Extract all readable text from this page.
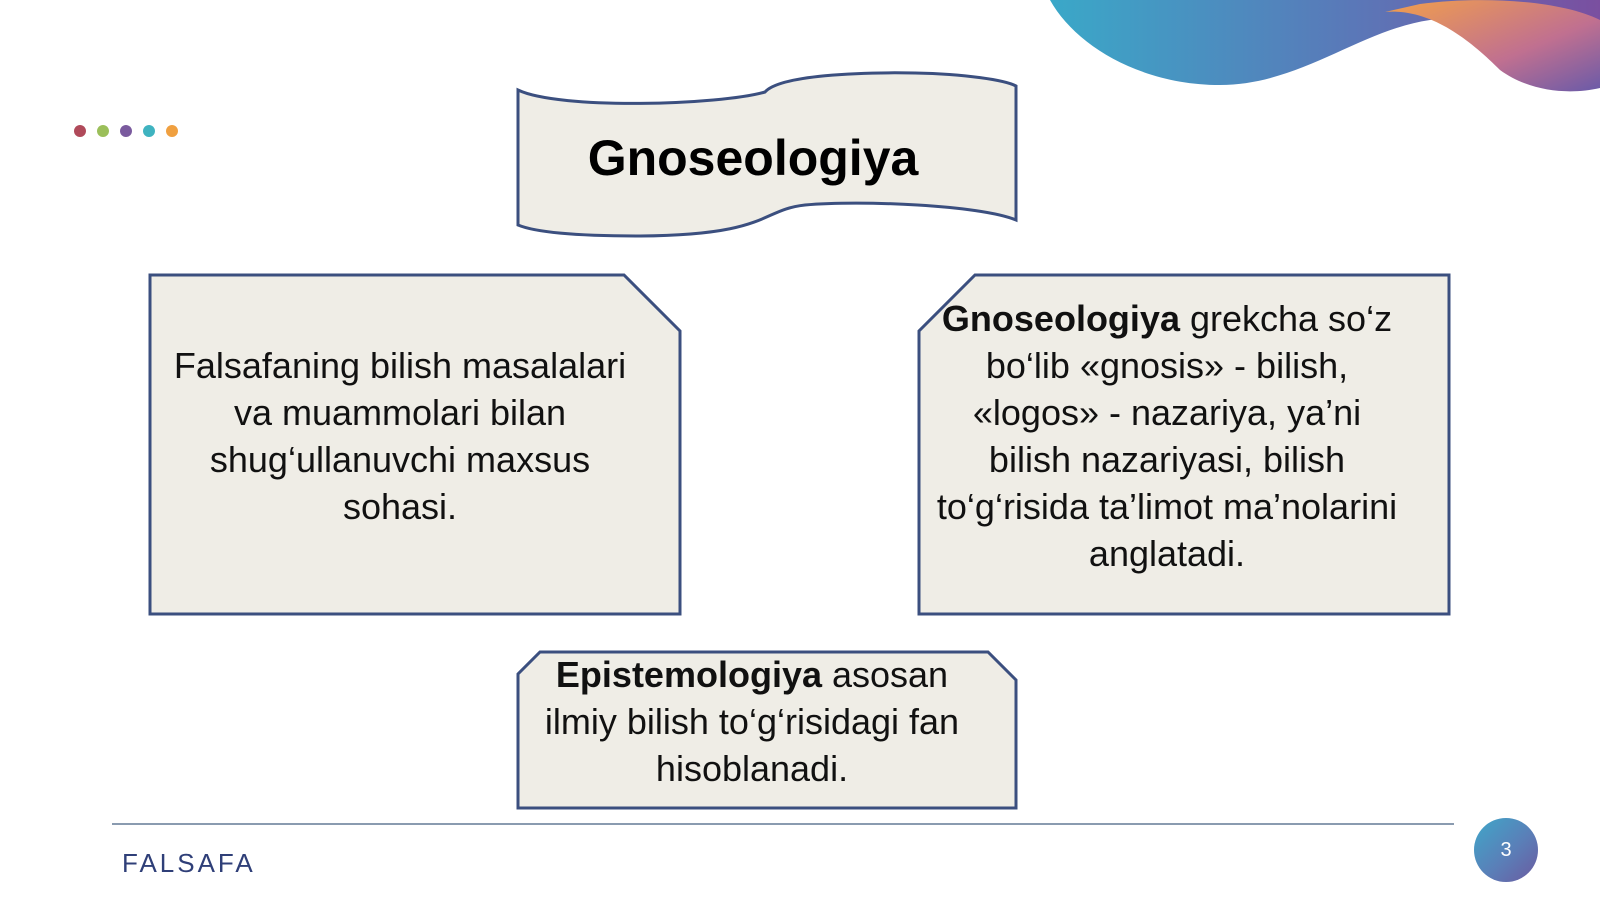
Gnoseologiya
Falsafaning bilish masalalari va muammolari bilan shug‘ullanuvchi maxsus sohasi.
Gnoseologiya grekcha so‘z bo‘lib «gnosis» - bilish, «logos» - nazariya, ya’ni bilish nazariyasi, bilish to‘g‘risida ta’limot ma’nolarini anglatadi.
Epistemologiya asosan ilmiy bilish to‘g‘risidagi fan hisoblanadi.
FALSAFA	3
